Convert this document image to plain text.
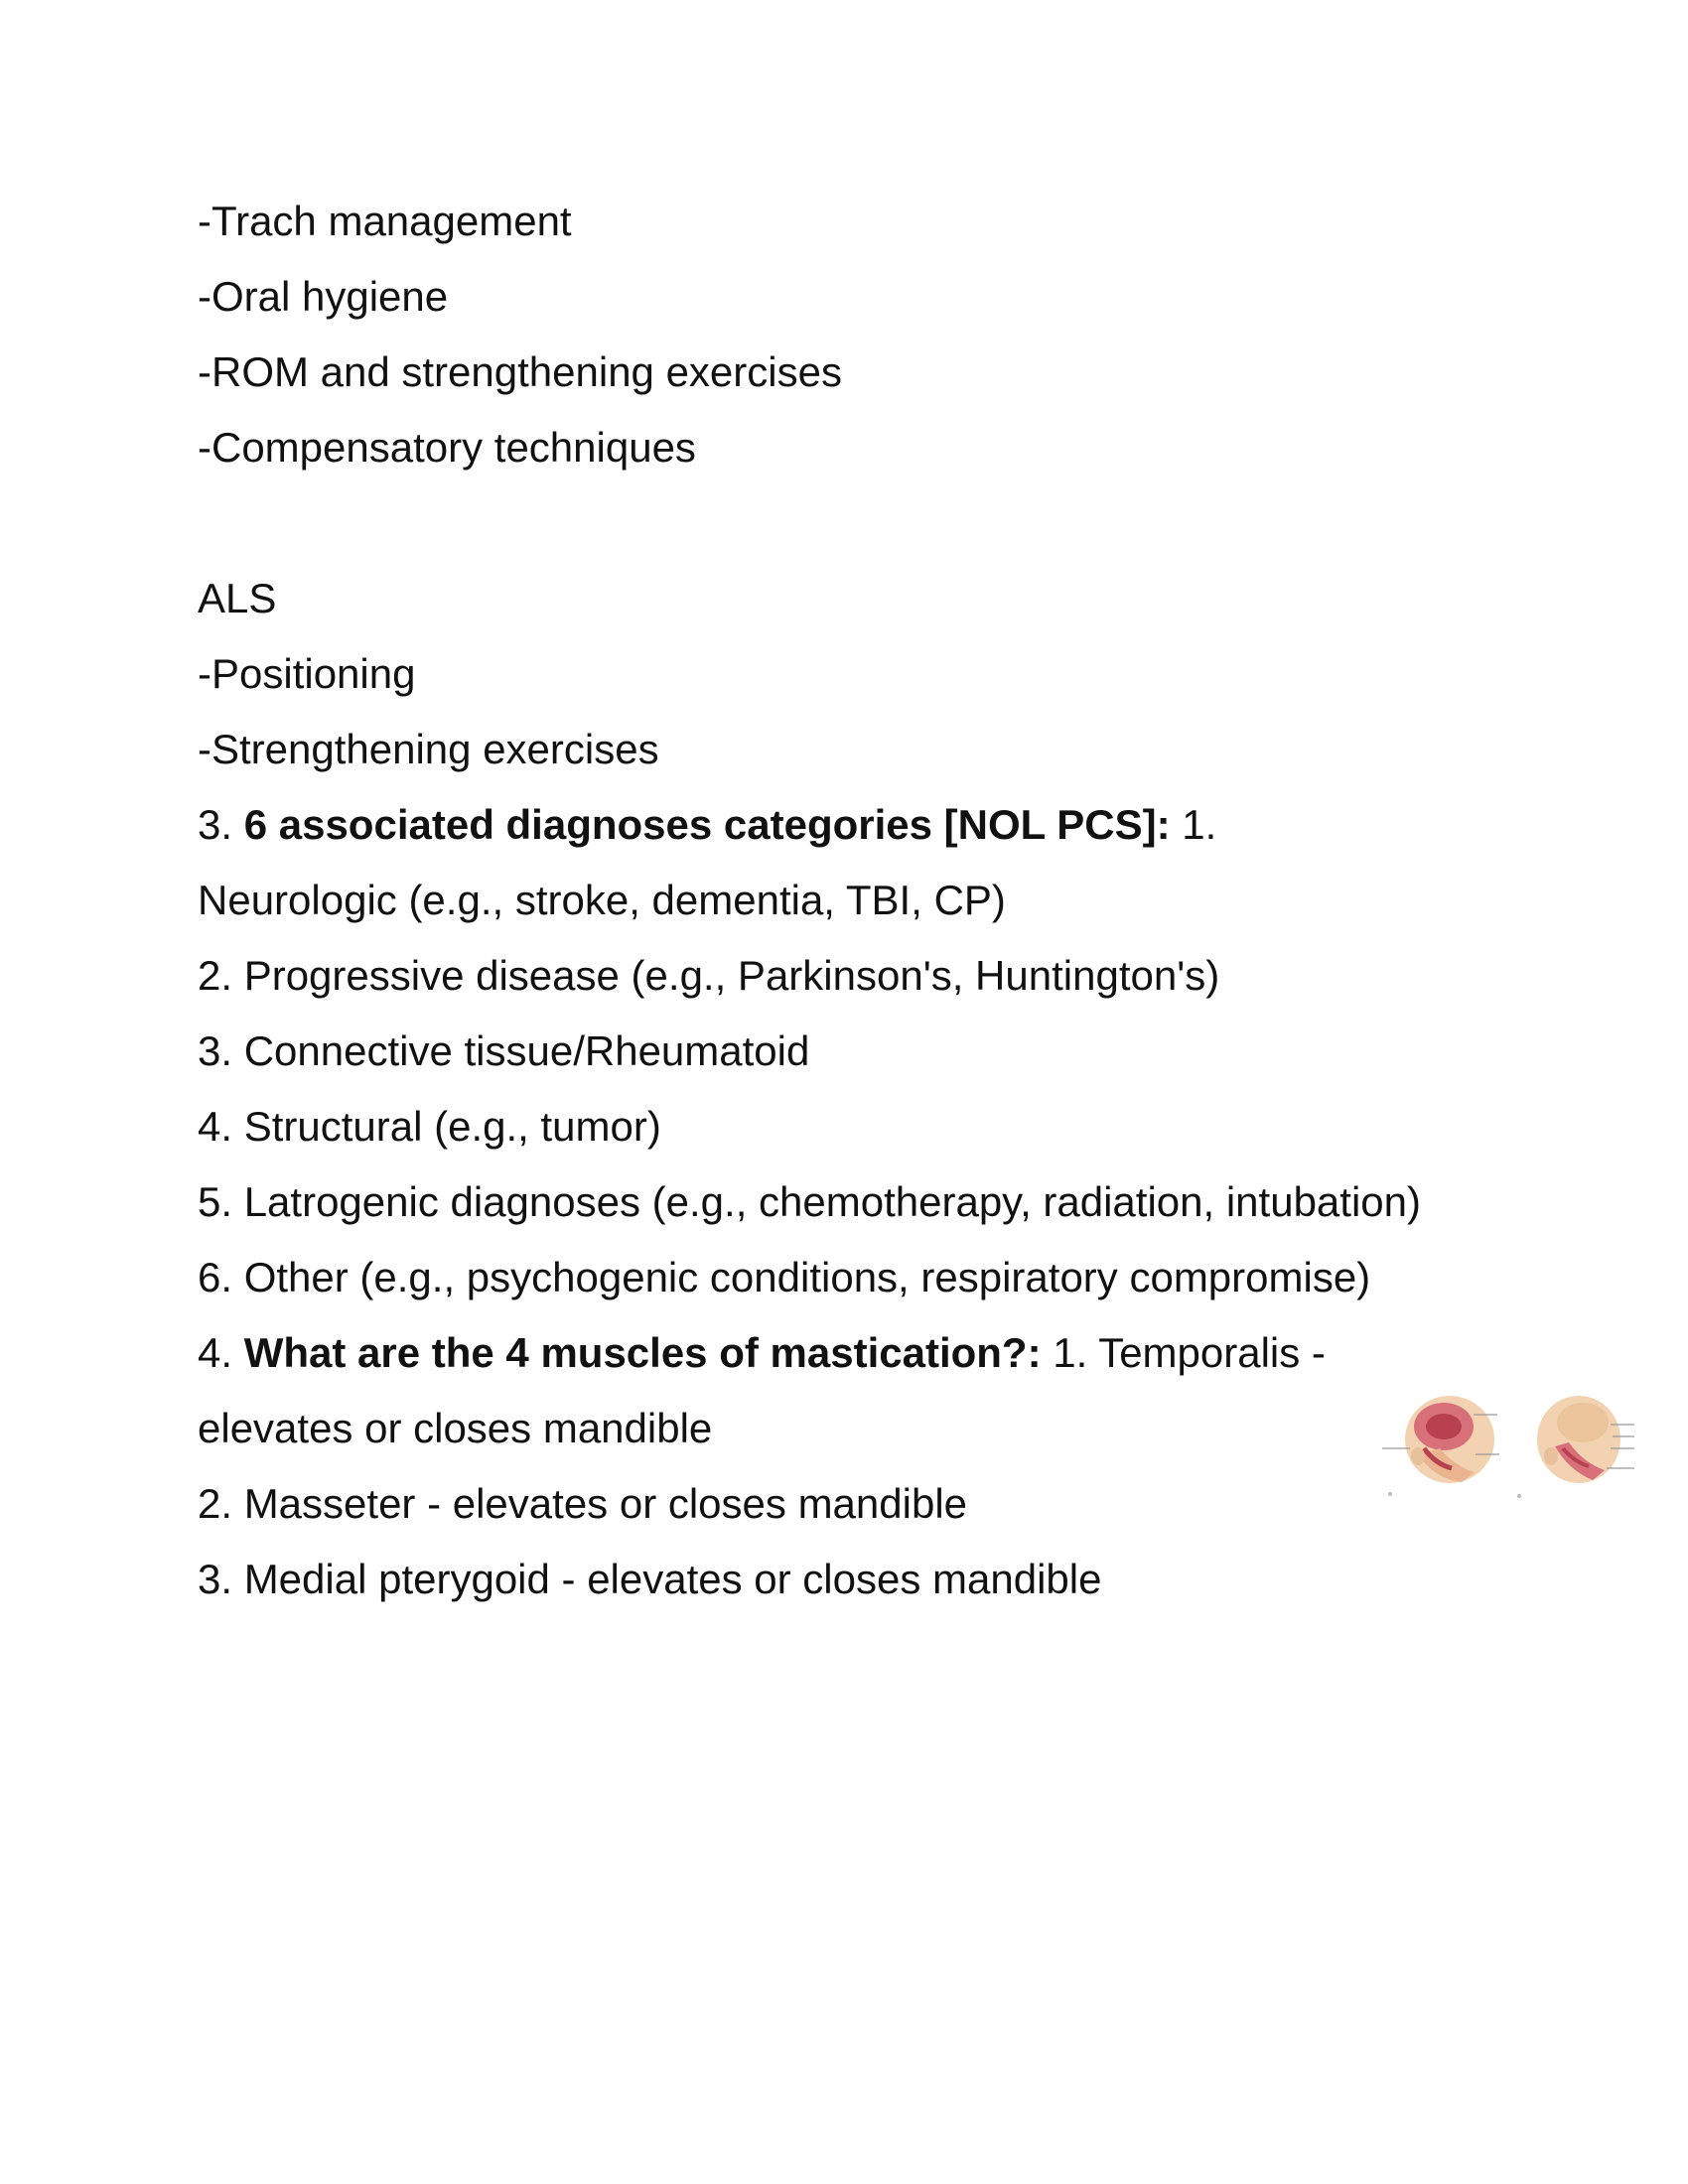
-Trach management
-Oral hygiene
-ROM and strengthening exercises
-Compensatory techniques
ALS
-Positioning
-Strengthening exercises
3. 6 associated diagnoses categories [NOL PCS]: 1.
Neurologic (e.g., stroke, dementia, TBI, CP)
2. Progressive disease (e.g., Parkinson's, Huntington's)
3. Connective tissue/Rheumatoid
4. Structural (e.g., tumor)
5. Latrogenic diagnoses (e.g., chemotherapy, radiation, intubation)
6. Other (e.g., psychogenic conditions, respiratory compromise)
4. What are the 4 muscles of mastication?: 1. Temporalis -
elevates or closes mandible
2. Masseter - elevates or closes mandible
3. Medial pterygoid - elevates or closes mandible
